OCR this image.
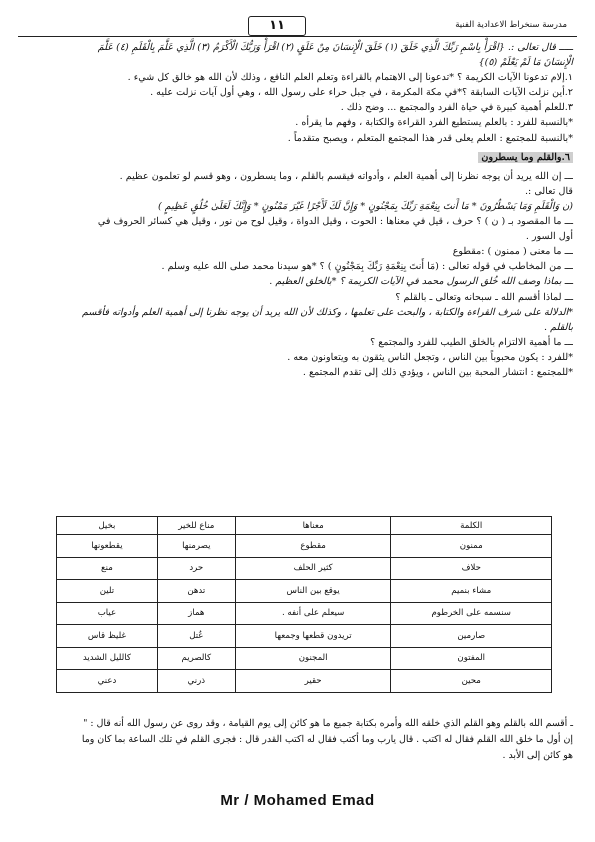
١١	مدرسة سنخراط الاعدادية الفنية

ـــــ قال تعالى :. {اقْرَأْ بِاسْمِ رَبِّكَ الَّذِي خَلَقَ (١) خَلَقَ الْإِنسَانَ مِنْ عَلَقٍ (٢) اقْرَأْ وَرَبُّكَ الْأَكْرَمُ (٣) الَّذِي عَلَّمَ بِالْقَلَمِ (٤) عَلَّمَ

الْإِنسَانَ مَا لَمْ يَعْلَمْ (٥)}

١.إلام تدعونا الآيات الكريمة ؟ *تدعونا إلى الاهتمام بالقراءة وتعلم العلم النافع ، وذلك لأن الله هو خالق كل شيء .

٢.أين نزلت الآيات السابقة ؟*في مكة المكرمة ، في جبل حراء على رسول الله ، وهي أول آيات نزلت عليه .

٣.للعلم أهمية كبيرة في حياة الفرد والمجتمع ... وضح ذلك .

*بالنسبة للفرد : بالعلم يستطيع الفرد القراءة والكتابة ، وفهم ما يقرأه .

*بالنسبة للمجتمع : العلم يعلى قدر هذا المجتمع المتعلم ، ويصبح متقدماً .

٦.والقلم وما يسطرون

ـــ إن الله يريد أن يوجه نظرنا إلى أهمية العلم ، وأدواته فيقسم بالقلم ، وما يسطرون ، وهو قسم لو تعلمون عظيم .

قال تعالى :.

(ن وَالْقَلَمِ وَمَا يَسْطُرُونَ * مَا أَنتَ بِنِعْمَةِ رَبِّكَ بِمَجْنُونٍ * وَإِنَّ لَكَ لَأَجْرًا غَيْرَ مَمْنُونٍ * وَإِنَّكَ لَعَلَىٰ خُلُقٍ عَظِيمٍ )

ـــ ما المقصود بـ ( ن ) ؟ حرف ، قيل في معناها : الحوت ، وقيل الدواة ، وقيل لوح من نور ، وقيل هي كسائر الحروف في

أول السور .

ـــ ما معنى ( ممنون ) :مقطوع

ـــ من المخاطب في قوله تعالى : (مَا أَنتَ بِنِعْمَةِ رَبِّكَ بِمَجْنُونٍ ) ؟ *هو سيدنا محمد صلى الله عليه وسلم .

ـــ بماذا وصف الله خُلق الرسول محمد في الآيات الكريمة ؟ *بالخلق العظيم .

ـــ لماذا أقسم الله ـ سبحانه وتعالى ـ بالقلم ؟

*الدلالة على شرف القراءة والكتابة ، والبحث على تعلمها ، وكذلك لأن الله يريد أن يوجه نظرنا إلى أهمية العلم وأدواته فأقسم

بالقلم .

ـــ ما أهمية الالتزام بالخلق الطيب للفرد والمجتمع ؟

*للفرد : يكون محبوباً بين الناس ، وتجعل الناس يثقون به ويتعاونون معه .

*للمجتمع : انتشار المحبة بين الناس ، ويؤدي ذلك إلى تقدم المجتمع .

الكلمة	معناها	مناع للخير	بخيل
ممنون	مقطوع	يصرمنها	يقطعونها
حلاف	كثير الحلف	حرد	منع
مشاء بنميم	يوقع بين الناس	تدهن	تلين
سنسمه على الخرطوم	سيعلم على أنفه .	هماز	عياب
صارمين	تريدون قطعها وجمعها	عُتل	غليظ قاس
المفتون	المجنون	كالصريم	كالليل الشديد
محين	حقير	ذرني	دعني

ـ أقسم الله بالقلم وهو القلم الذي خلقه الله وأمره بكتابة جميع ما هو كائن إلى يوم القيامة ، وقد روى عن رسول الله أنه قال : "

إن أول ما خلق الله القلم فقال له اكتب . قال يارب وما أكتب فقال له اكتب القدر قال : فجرى القلم في تلك الساعة بما كان وما

هو كائن إلى الأبد .

Mr / Mohamed Emad
